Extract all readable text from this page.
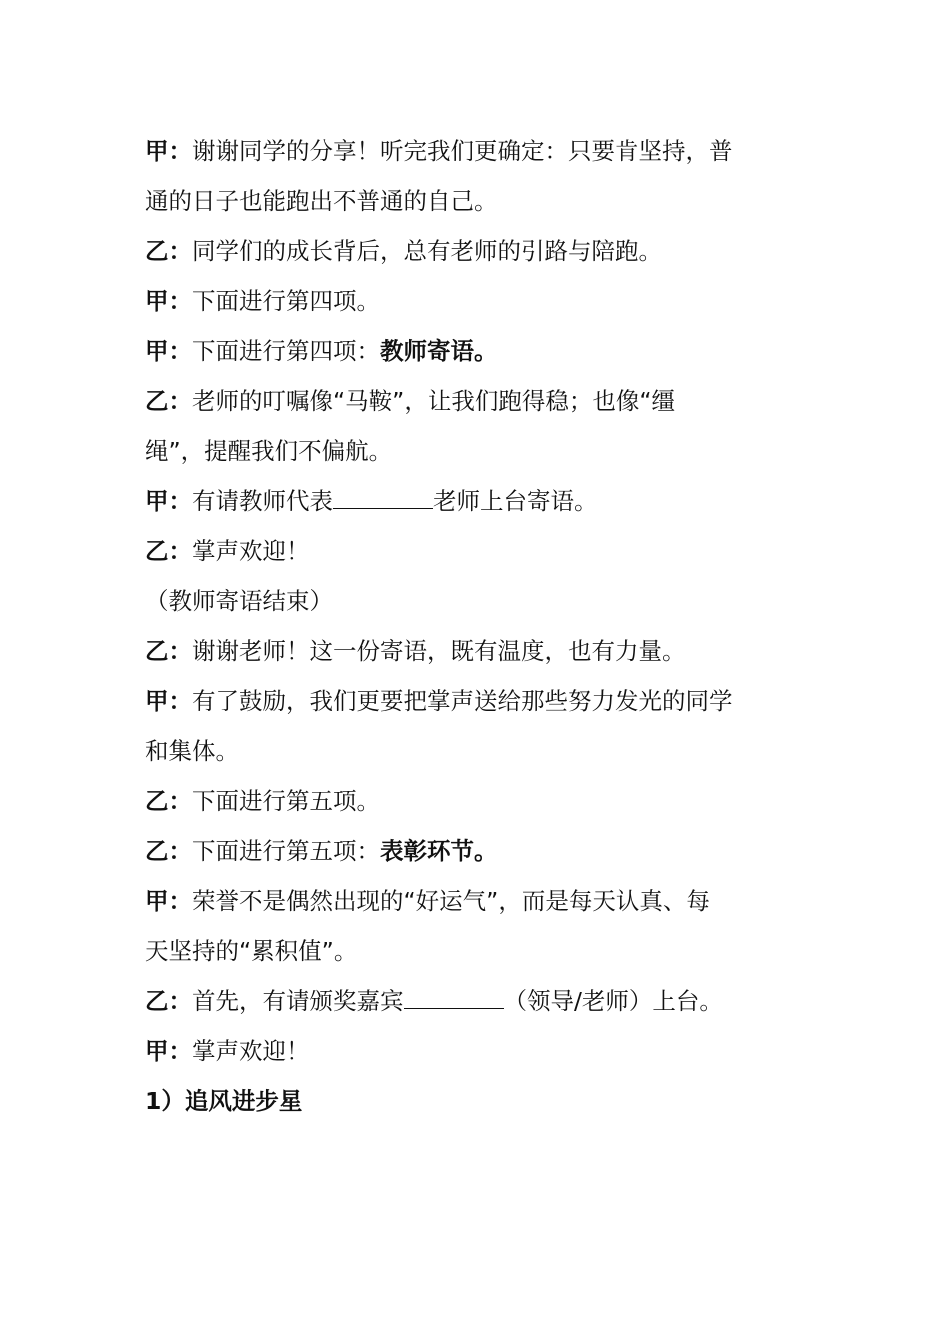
甲：谢谢同学的分享！听完我们更确定：只要肯坚持，普
通的日子也能跑出不普通的自己。
乙：同学们的成长背后，总有老师的引路与陪跑。
甲：下面进行第四项。
甲：下面进行第四项：教师寄语。
乙：老师的叮嘱像“马鞍”，让我们跑得稳；也像“缰
绳”，提醒我们不偏航。
甲：有请教师代表	老师上台寄语。
乙：掌声欢迎！
（教师寄语结束）
乙：谢谢老师！这一份寄语，既有温度，也有力量。
甲：有了鼓励，我们更要把掌声送给那些努力发光的同学
和集体。
乙：下面进行第五项。
乙：下面进行第五项：表彰环节。
甲：荣誉不是偶然出现的“好运气”，而是每天认真、每
天坚持的“累积值”。
乙：首先，有请颁奖嘉宾	（领导/老师）上台。
甲：掌声欢迎！
1）追风进步星
